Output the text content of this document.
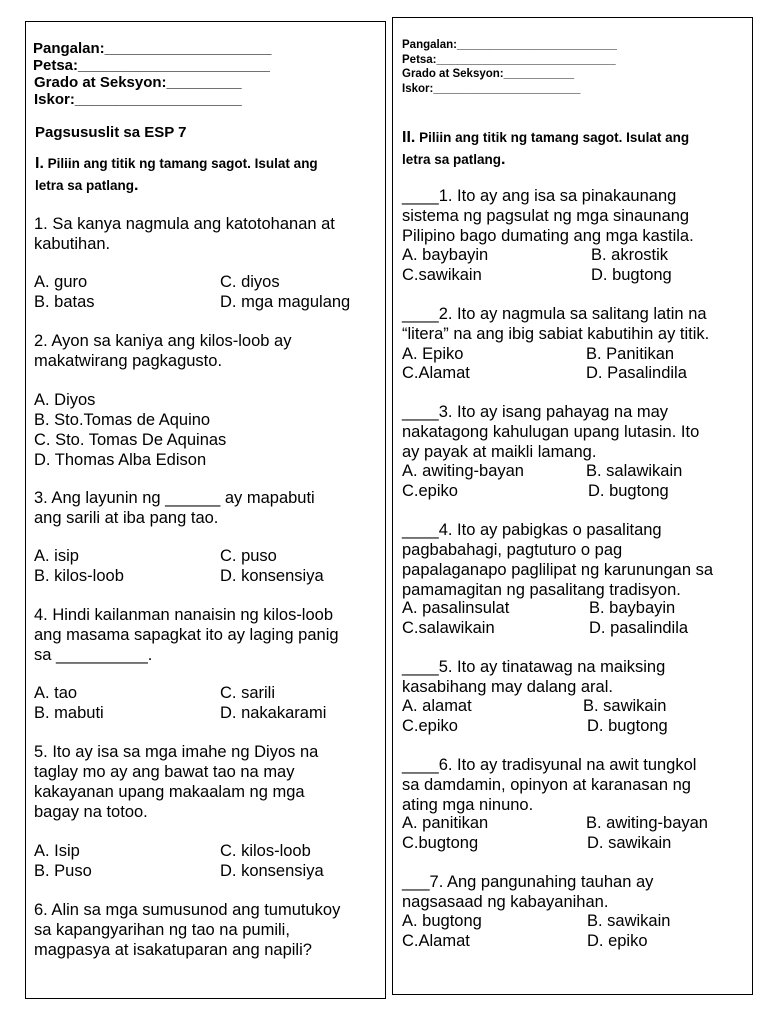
Pangalan:____________________
Petsa:_______________________
Grado at Seksyon:_________
Iskor:____________________
Pagsususlit sa ESP 7
I. Piliin ang titik ng tamang sagot. Isulat ang
letra sa patlang.
1. Sa kanya nagmula ang katotohanan at
kabutihan.
A. guro	C. diyos
B. batas	D. mga magulang
2. Ayon sa kaniya ang kilos-loob ay
makatwirang pagkagusto.
A. Diyos
B. Sto.Tomas de Aquino
C. Sto. Tomas De Aquinas
D. Thomas Alba Edison
3. Ang layunin ng ______ ay mapabuti
ang sarili at iba pang tao.
A. isip	C. puso
B. kilos-loob	D. konsensiya
4. Hindi kailanman nanaisin ng kilos-loob
ang masama sapagkat ito ay laging panig
sa __________.
A. tao	C. sarili
B. mabuti	D. nakakarami
5. Ito ay isa sa mga imahe ng Diyos na
taglay mo ay ang bawat tao na may
kakayanan upang makaalam ng mga
bagay na totoo.
A. Isip	C. kilos-loob
B. Puso	D. konsensiya
6. Alin sa mga sumusunod ang tumutukoy
sa kapangyarihan ng tao na pumili,
magpasya at isakatuparan ang napili?
Pangalan:_________________________
Petsa:____________________________
Grado at Seksyon:___________
Iskor:_______________________
II. Piliin ang titik ng tamang sagot. Isulat ang
letra sa patlang.
____1. Ito ay ang isa sa pinakaunang
sistema ng pagsulat ng mga sinaunang
Pilipino bago dumating ang mga kastila.
A. baybayin	B. akrostik
C.sawikain	D. bugtong
____2. Ito ay nagmula sa salitang latin na
“litera” na ang ibig sabiat kabutihin ay titik.
A. Epiko	B. Panitikan
C.Alamat	D. Pasalindila
____3. Ito ay isang pahayag na may
nakatagong kahulugan upang lutasin. Ito
ay payak at maikli lamang.
A. awiting-bayan	B. salawikain
C.epiko	D. bugtong
____4. Ito ay pabigkas o pasalitang
pagbabahagi, pagtuturo o pag
papalaganapo paglilipat ng karunungan sa
pamamagitan ng pasalitang tradisyon.
A. pasalinsulat	B. baybayin
C.salawikain	D. pasalindila
____5. Ito ay tinatawag na maiksing
kasabihang may dalang aral.
A. alamat	B. sawikain
C.epiko	D. bugtong
____6. Ito ay tradisyunal na awit tungkol
sa damdamin, opinyon at karanasan ng
ating mga ninuno.
A. panitikan	B. awiting-bayan
C.bugtong	D. sawikain
___7. Ang pangunahing tauhan ay
nagsasaad ng kabayanihan.
A. bugtong	B. sawikain
C.Alamat	D. epiko
